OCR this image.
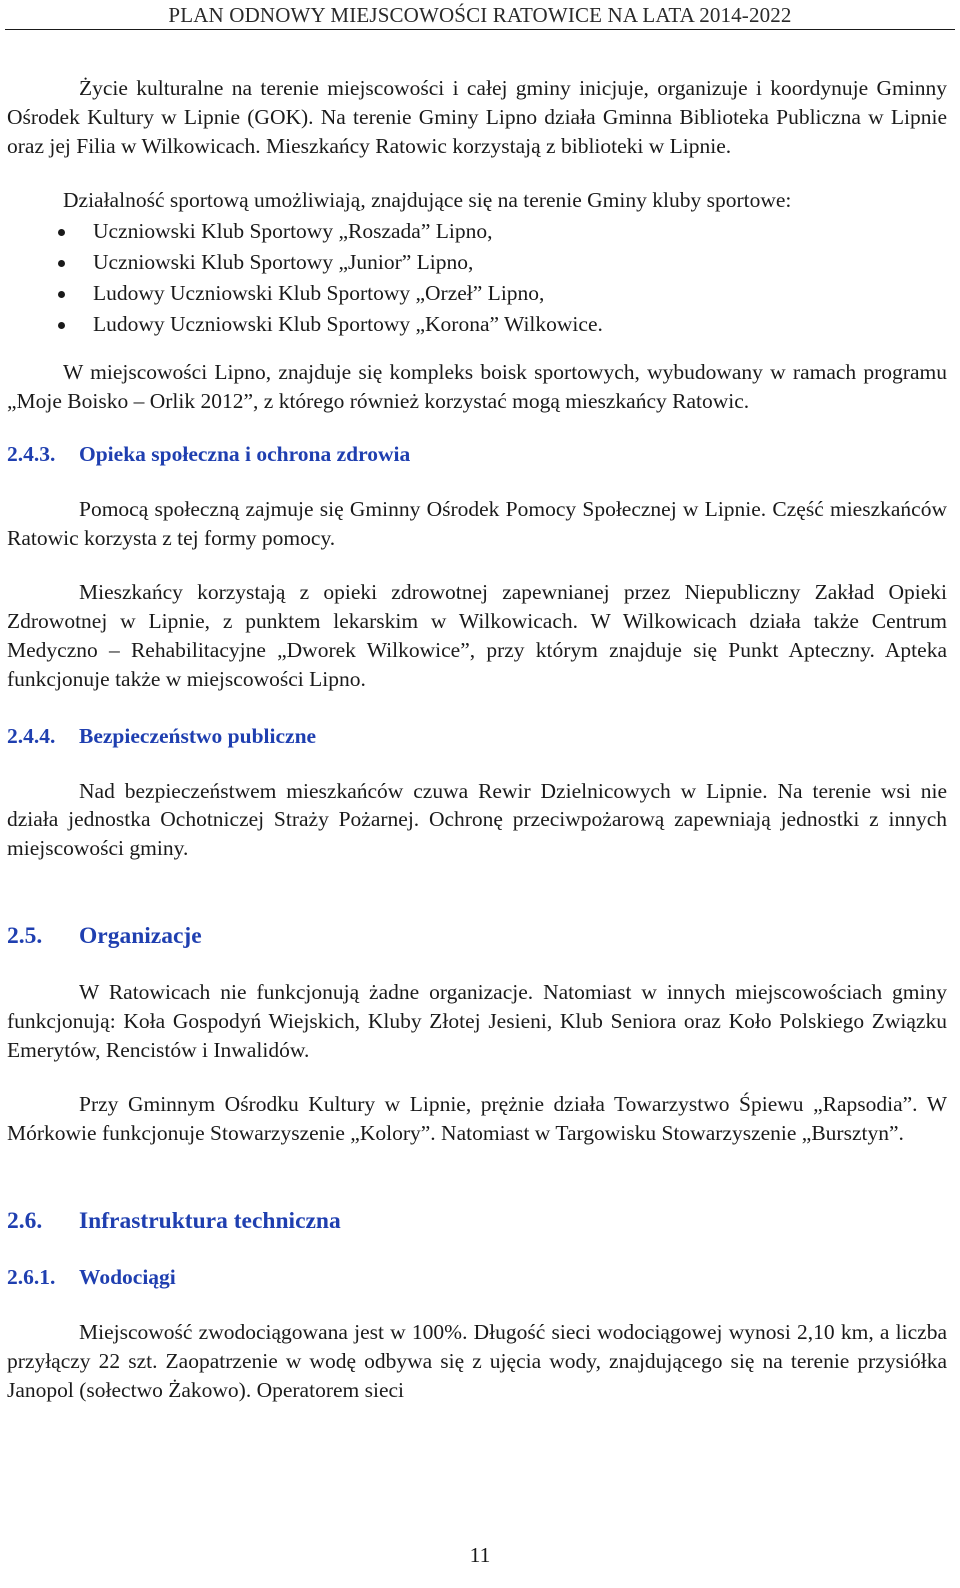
PLAN ODNOWY MIEJSCOWOŚCI RATOWICE NA LATA 2014-2022

Życie kulturalne na terenie miejscowości i całej gminy inicjuje, organizuje i koordynuje Gminny Ośrodek Kultury w Lipnie (GOK). Na terenie Gminy Lipno działa Gminna Biblioteka Publiczna w Lipnie oraz jej Filia w Wilkowicach. Mieszkańcy Ratowic korzystają z biblioteki w Lipnie.

Działalność sportową umożliwiają, znajdujące się na terenie Gminy kluby sportowe:

Uczniowski Klub Sportowy „Roszada” Lipno,
Uczniowski Klub Sportowy „Junior” Lipno,
Ludowy Uczniowski Klub Sportowy „Orzeł” Lipno,
Ludowy Uczniowski Klub Sportowy „Korona” Wilkowice.

W miejscowości Lipno, znajduje się kompleks boisk sportowych, wybudowany w ramach programu „Moje Boisko – Orlik 2012”, z którego również korzystać mogą mieszkańcy Ratowic.

2.4.3.	Opieka społeczna i ochrona zdrowia

Pomocą społeczną zajmuje się Gminny Ośrodek Pomocy Społecznej w Lipnie. Część mieszkańców Ratowic korzysta z tej formy pomocy.

Mieszkańcy korzystają z opieki zdrowotnej zapewnianej przez Niepubliczny Zakład Opieki Zdrowotnej w Lipnie, z punktem lekarskim w Wilkowicach. W Wilkowicach działa także Centrum Medyczno – Rehabilitacyjne „Dworek Wilkowice”, przy którym znajduje się Punkt Apteczny. Apteka funkcjonuje także w miejscowości Lipno.

2.4.4.	Bezpieczeństwo publiczne

Nad bezpieczeństwem mieszkańców czuwa Rewir Dzielnicowych w Lipnie. Na terenie wsi nie działa jednostka Ochotniczej Straży Pożarnej. Ochronę przeciwpożarową zapewniają jednostki z innych miejscowości gminy.

2.5.	Organizacje

W Ratowicach nie funkcjonują żadne organizacje. Natomiast w innych miejscowościach gminy funkcjonują: Koła Gospodyń Wiejskich, Kluby Złotej Jesieni, Klub Seniora oraz Koło Polskiego Związku Emerytów, Rencistów i Inwalidów.

Przy Gminnym Ośrodku Kultury w Lipnie, prężnie działa Towarzystwo Śpiewu „Rapsodia”. W Mórkowie funkcjonuje Stowarzyszenie „Kolory”. Natomiast w Targowisku Stowarzyszenie „Bursztyn”.

2.6.	Infrastruktura techniczna
2.6.1.	Wodociągi

Miejscowość zwodociągowana jest w 100%. Długość sieci wodociągowej wynosi 2,10 km, a liczba przyłączy 22 szt. Zaopatrzenie w wodę odbywa się z ujęcia wody, znajdującego się na terenie przysiółka Janopol (sołectwo Żakowo). Operatorem sieci

11
